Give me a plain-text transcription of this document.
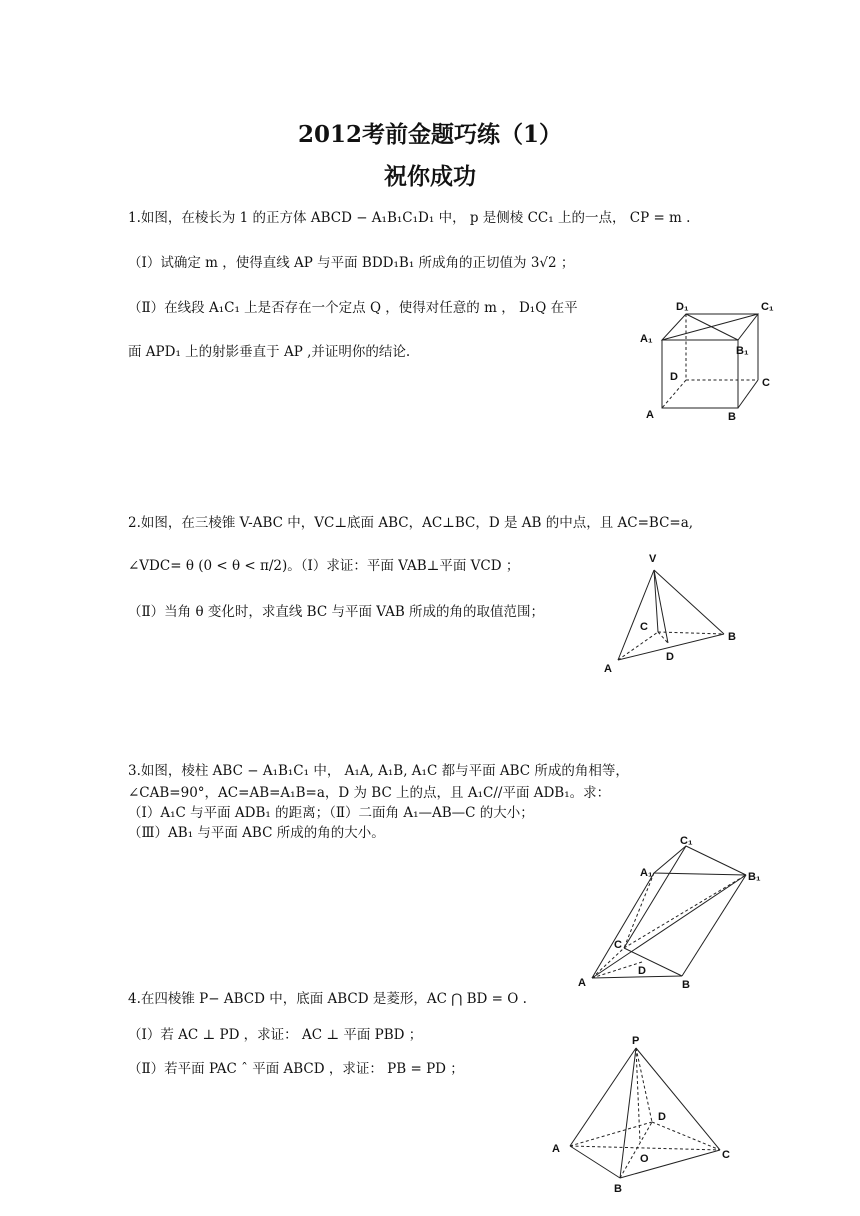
2012考前金题巧练（1）
祝你成功
1.如图，在棱长为 1 的正方体 ABCD − A₁B₁C₁D₁ 中， p 是侧棱 CC₁ 上的一点， CP = m .
（Ⅰ）试确定 m ，使得直线 AP 与平面 BDD₁B₁ 所成角的正切值为 3√2 ；
（Ⅱ）在线段 A₁C₁ 上是否存在一个定点 Q ，使得对任意的 m ， D₁Q 在平
面 APD₁ 上的射影垂直于 AP ,并证明你的结论.
D₁	C₁
A₁
B₁
D	C
A	B
2.如图，在三棱锥 V-ABC 中，VC⊥底面 ABC，AC⊥BC，D 是 AB 的中点，且 AC=BC=a,
∠VDC= θ (0 < θ < π/2)。（Ⅰ）求证：平面 VAB⊥平面 VCD ；
（Ⅱ）当角 θ 变化时，求直线 BC 与平面 VAB 所成的角的取值范围；
V
C
B
D
A
3.如图，棱柱 ABC − A₁B₁C₁ 中， A₁A, A₁B, A₁C 都与平面 ABC 所成的角相等，
∠CAB=90°，AC=AB=A₁B=a，D 为 BC 上的点，且 A₁C//平面 ADB₁。求：
（Ⅰ）A₁C 与平面 ADB₁ 的距离；（Ⅱ）二面角 A₁—AB—C 的大小；
（Ⅲ）AB₁ 与平面 ABC 所成的角的大小。	C₁
A₁	B₁
C
D
A	B
4.在四棱锥 P− ABCD 中，底面 ABCD 是菱形，AC ⋂ BD = O .
（Ⅰ）若 AC ⊥ PD ，求证： AC ⊥ 平面 PBD ；
（Ⅱ）若平面 PAC ˆ 平面 ABCD ，求证： PB = PD ；
P
D
A
O	C
B
